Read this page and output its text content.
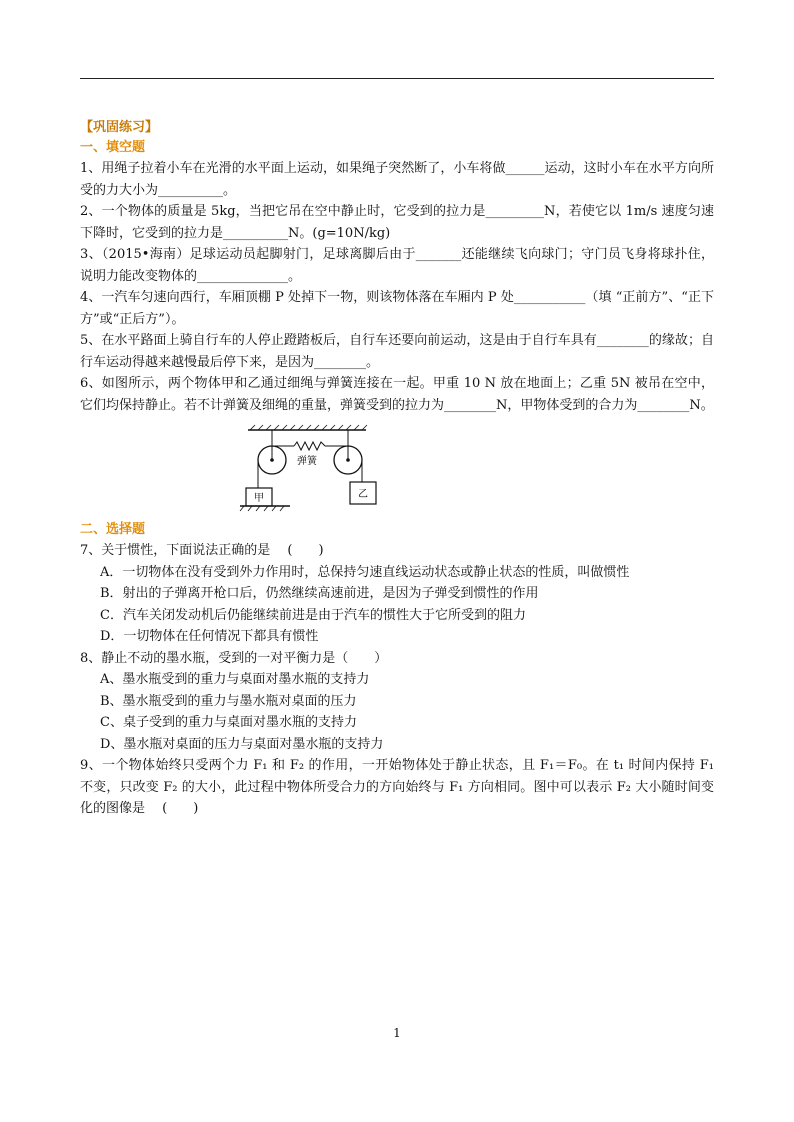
【巩固练习】
一、填空题

1、用绳子拉着小车在光滑的水平面上运动，如果绳子突然断了，小车将做______运动，这时小车在水平方向所受的力大小为__________。

2、一个物体的质量是 5kg，当把它吊在空中静止时，它受到的拉力是_________N，若使它以 1m/s 速度匀速下降时，它受到的拉力是__________N。(g=10N/kg)

3、（2015•海南）足球运动员起脚射门，足球离脚后由于_______还能继续飞向球门；守门员飞身将球扑住，说明力能改变物体的______________。

4、一汽车匀速向西行，车厢顶棚 P 处掉下一物，则该物体落在车厢内 P 处___________（填 “正前方”、“正下方”或“正后方”）。

5、在水平路面上骑自行车的人停止蹬踏板后，自行车还要向前运动，这是由于自行车具有________的缘故；自行车运动得越来越慢最后停下来，是因为________。

6、如图所示，两个物体甲和乙通过细绳与弹簧连接在一起。甲重 10 N 放在地面上；乙重 5N 被吊在空中，它们均保持静止。若不计弹簧及细绳的重量，弹簧受到的拉力为________N，甲物体受到的合力为________N。

弹簧
甲	乙
二、选择题

7、关于惯性，下面说法正确的是　 (　　)

A．一切物体在没有受到外力作用时，总保持匀速直线运动状态或静止状态的性质，叫做惯性

B．射出的子弹离开枪口后，仍然继续高速前进，是因为子弹受到惯性的作用

C．汽车关闭发动机后仍能继续前进是由于汽车的惯性大于它所受到的阻力

D．一切物体在任何情况下都具有惯性

8、静止不动的墨水瓶，受到的一对平衡力是（　　）

A、墨水瓶受到的重力与桌面对墨水瓶的支持力

B、墨水瓶受到的重力与墨水瓶对桌面的压力

C、桌子受到的重力与桌面对墨水瓶的支持力

D、墨水瓶对桌面的压力与桌面对墨水瓶的支持力

9、一个物体始终只受两个力 F₁ 和 F₂ 的作用，一开始物体处于静止状态，且 F₁＝F₀。在 t₁ 时间内保持 F₁ 不变，只改变 F₂ 的大小，此过程中物体所受合力的方向始终与 F₁ 方向相同。图中可以表示 F₂ 大小随时间变化的图像是　 (　　)

1
